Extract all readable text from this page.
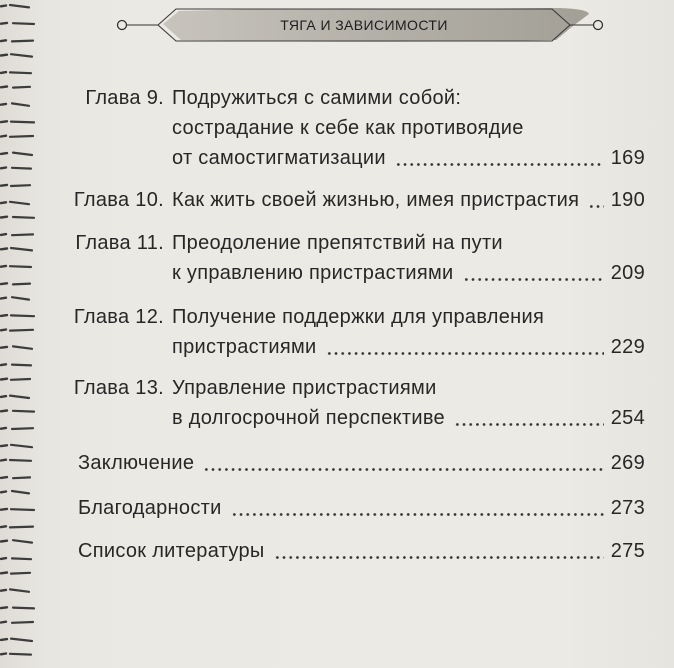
ТЯГА И ЗАВИСИМОСТИ
Глава 9. Подружиться с самими собой:
сострадание к себе как противоядие
от самостигматизации	169
Глава 10. Как жить своей жизнью, имея пристрастия 190
Глава 11. Преодоление препятствий на пути
к управлению пристрастиями	209
Глава 12. Получение поддержки для управления
пристрастиями	229
Глава 13. Управление пристрастиями
в долгосрочной перспективе	254
Заключение	269
Благодарности	273
Список литературы	275
